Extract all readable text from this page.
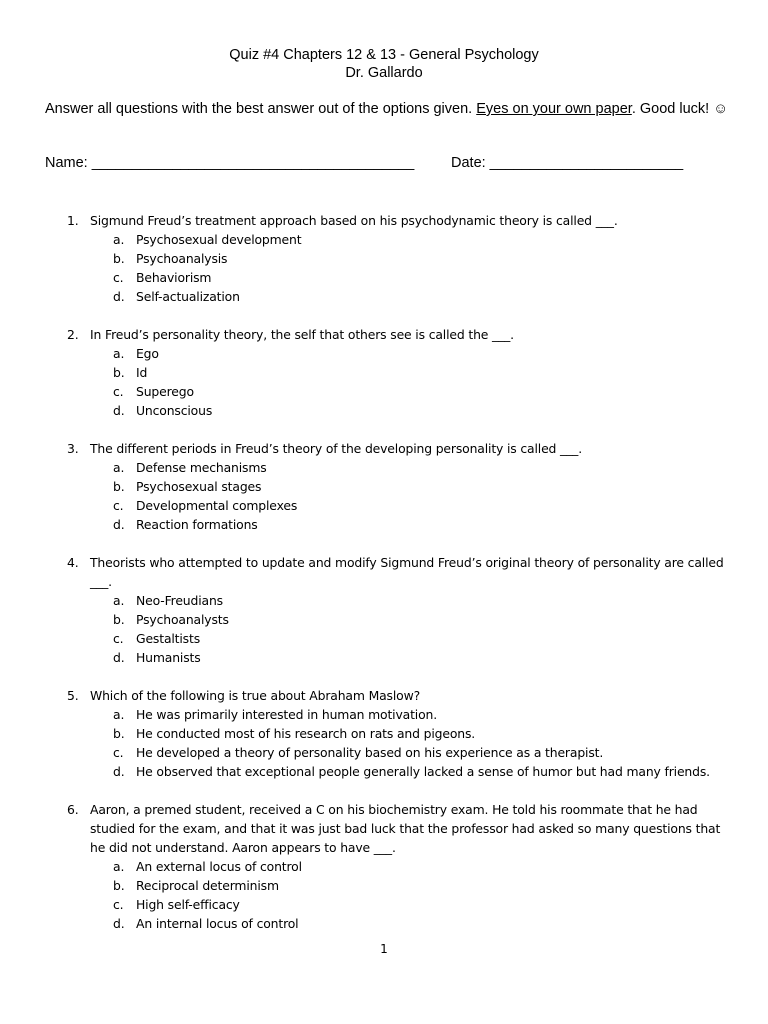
Quiz #4 Chapters 12 & 13 - General Psychology
Dr. Gallardo
Answer all questions with the best answer out of the options given. Eyes on your own paper. Good luck! ☺
Name: ________________________________________	Date: ________________________
1. Sigmund Freud’s treatment approach based on his psychodynamic theory is called ___.
a. Psychosexual development
b. Psychoanalysis
c. Behaviorism
d. Self-actualization
2. In Freud’s personality theory, the self that others see is called the ___.
a. Ego
b. Id
c. Superego
d. Unconscious
3. The different periods in Freud’s theory of the developing personality is called ___.
a. Defense mechanisms
b. Psychosexual stages
c. Developmental complexes
d. Reaction formations
4. Theorists who attempted to update and modify Sigmund Freud’s original theory of personality are called ___.
a. Neo-Freudians
b. Psychoanalysts
c. Gestaltists
d. Humanists
5. Which of the following is true about Abraham Maslow?
a. He was primarily interested in human motivation.
b. He conducted most of his research on rats and pigeons.
c. He developed a theory of personality based on his experience as a therapist.
d. He observed that exceptional people generally lacked a sense of humor but had many friends.
6. Aaron, a premed student, received a C on his biochemistry exam. He told his roommate that he had studied for the exam, and that it was just bad luck that the professor had asked so many questions that he did not understand. Aaron appears to have ___.
a. An external locus of control
b. Reciprocal determinism
c. High self-efficacy
d. An internal locus of control
1
